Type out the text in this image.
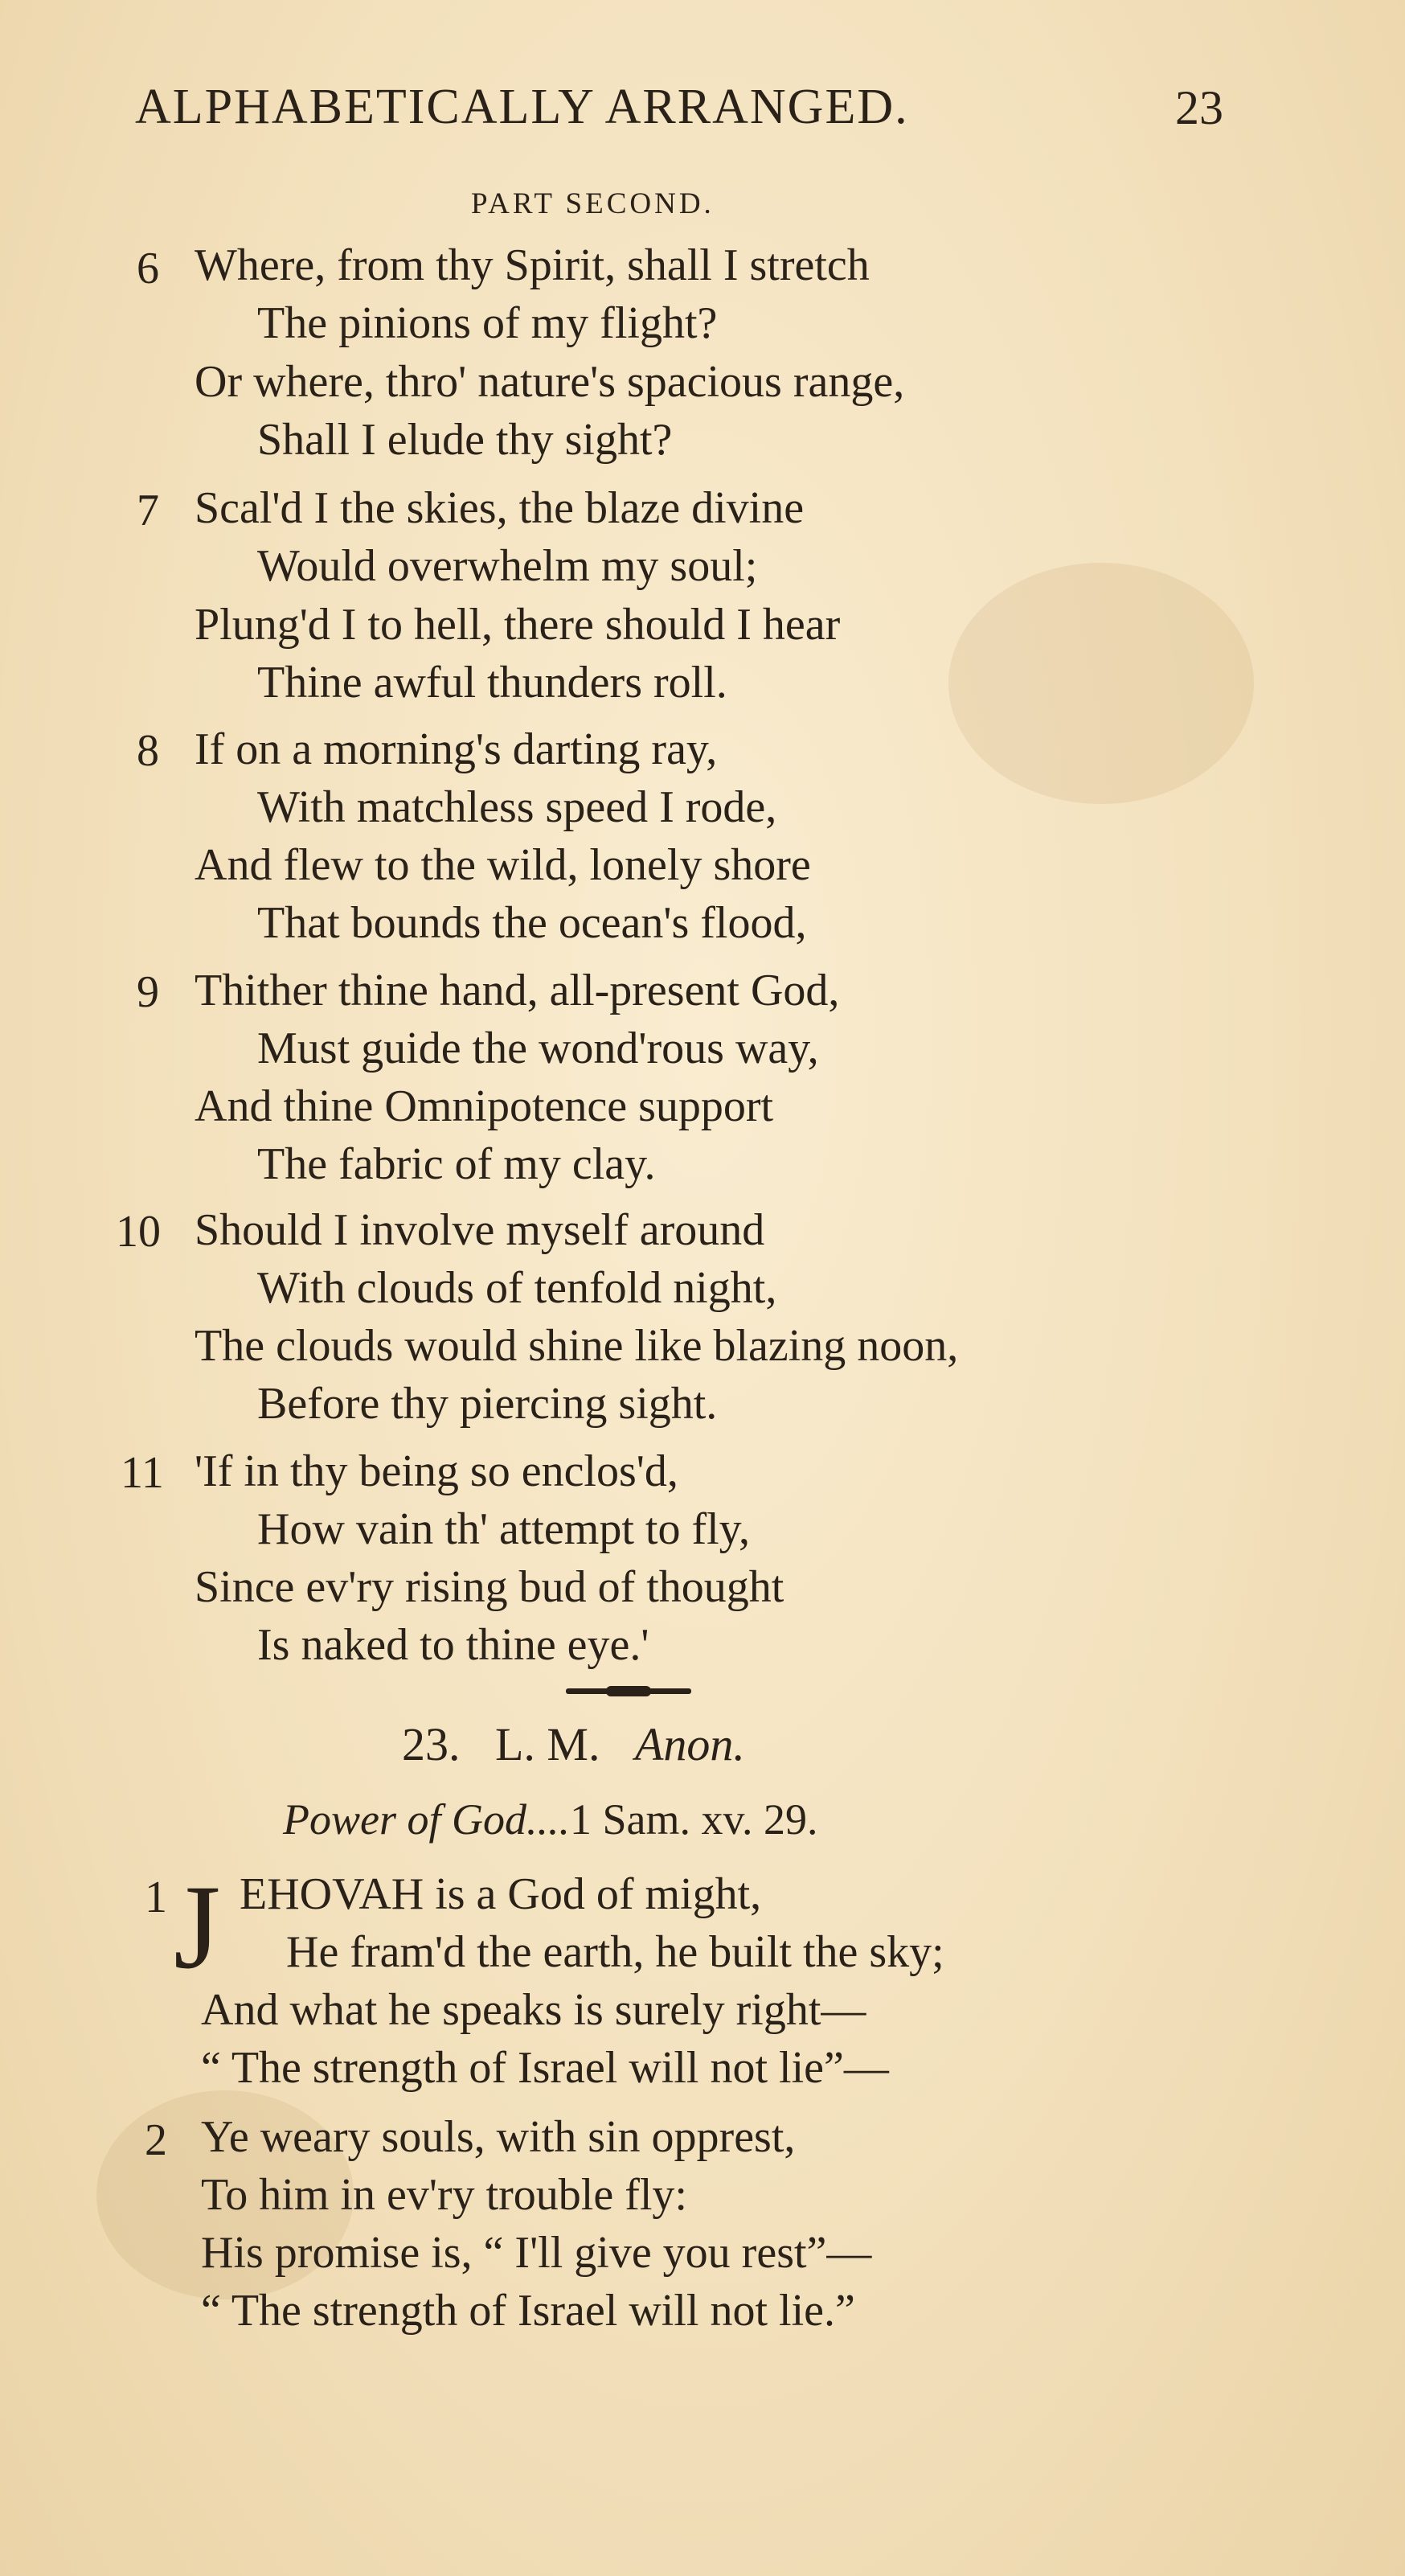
ALPHABETICALLY ARRANGED.	23
PART SECOND.
6 Where, from thy Spirit, shall I stretch
The pinions of my flight?
Or where, thro' nature's spacious range,
Shall I elude thy sight?
7 Scal'd I the skies, the blaze divine
Would overwhelm my soul;
Plung'd I to hell, there should I hear
Thine awful thunders roll.
8 If on a morning's darting ray,
With matchless speed I rode,
And flew to the wild, lonely shore
That bounds the ocean's flood,
9 Thither thine hand, all-present God,
Must guide the wond'rous way,
And thine Omnipotence support
The fabric of my clay.
10 Should I involve myself around
With clouds of tenfold night,
The clouds would shine like blazing noon,
Before thy piercing sight.
11 'If in thy being so enclos'd,
How vain th' attempt to fly,
Since ev'ry rising bud of thought
Is naked to thine eye.'
23. L. M. Anon.
Power of God....1 Sam. xv. 29.
1 J EHOVAH is a God of might,
He fram'd the earth, he built the sky;
And what he speaks is surely right—
“ The strength of Israel will not lie”—
2 Ye weary souls, with sin opprest,
To him in ev'ry trouble fly:
His promise is, “ I'll give you rest”—
“ The strength of Israel will not lie.”
